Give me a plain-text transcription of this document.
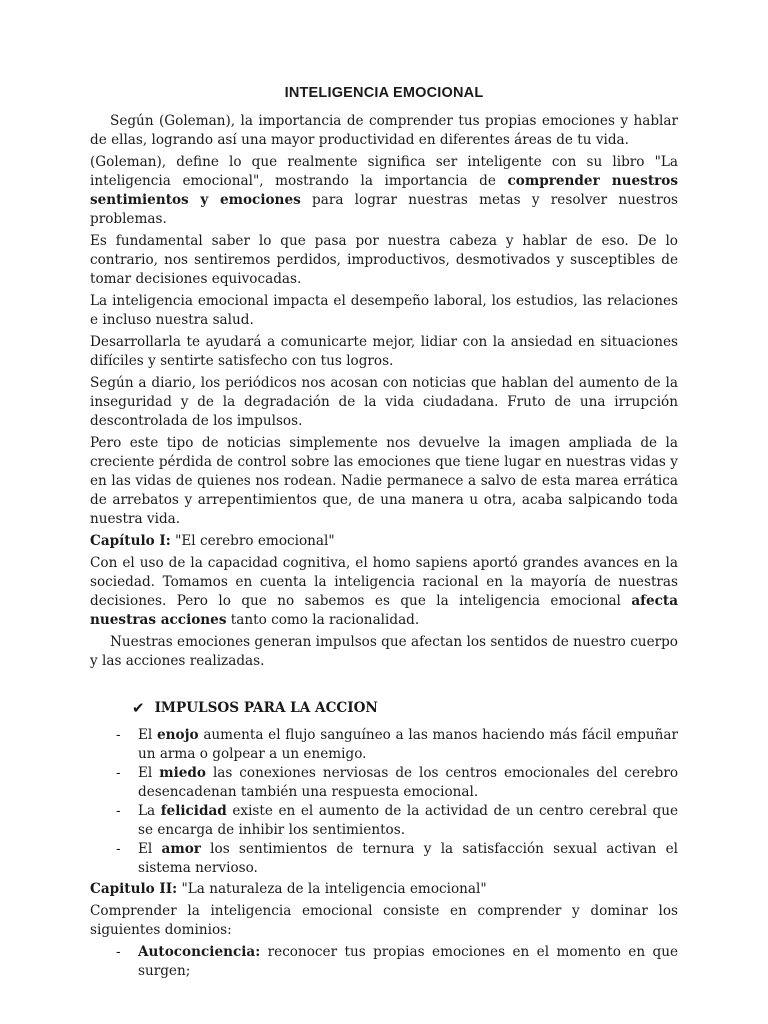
INTELIGENCIA EMOCIONAL

Según (Goleman), la importancia de comprender tus propias emociones y hablar de ellas, logrando así una mayor productividad en diferentes áreas de tu vida.

(Goleman), define lo que realmente significa ser inteligente con su libro "La inteligencia emocional", mostrando la importancia de comprender nuestros sentimientos y emociones para lograr nuestras metas y resolver nuestros problemas.

Es fundamental saber lo que pasa por nuestra cabeza y hablar de eso. De lo contrario, nos sentiremos perdidos, improductivos, desmotivados y susceptibles de tomar decisiones equivocadas.

La inteligencia emocional impacta el desempeño laboral, los estudios, las relaciones e incluso nuestra salud.

Desarrollarla te ayudará a comunicarte mejor, lidiar con la ansiedad en situaciones difíciles y sentirte satisfecho con tus logros.

Según a diario, los periódicos nos acosan con noticias que hablan del aumento de la inseguridad y de la degradación de la vida ciudadana. Fruto de una irrupción descontrolada de los impulsos.

Pero este tipo de noticias simplemente nos devuelve la imagen ampliada de la creciente pérdida de control sobre las emociones que tiene lugar en nuestras vidas y en las vidas de quienes nos rodean. Nadie permanece a salvo de esta marea errática de arrebatos y arrepentimientos que, de una manera u otra, acaba salpicando toda nuestra vida.

Capítulo I: "El cerebro emocional"

Con el uso de la capacidad cognitiva, el homo sapiens aportó grandes avances en la sociedad. Tomamos en cuenta la inteligencia racional en la mayoría de nuestras decisiones. Pero lo que no sabemos es que la inteligencia emocional afecta nuestras acciones tanto como la racionalidad.

Nuestras emociones generan impulsos que afectan los sentidos de nuestro cuerpo y las acciones realizadas.

✔ IMPULSOS PARA LA ACCION
- El enojo aumenta el flujo sanguíneo a las manos haciendo más fácil empuñar un arma o golpear a un enemigo.
- El miedo las conexiones nerviosas de los centros emocionales del cerebro desencadenan también una respuesta emocional.
- La felicidad existe en el aumento de la actividad de un centro cerebral que se encarga de inhibir los sentimientos.
- El amor los sentimientos de ternura y la satisfacción sexual activan el sistema nervioso.

Capitulo II: "La naturaleza de la inteligencia emocional"

Comprender la inteligencia emocional consiste en comprender y dominar los siguientes dominios:

- Autoconciencia: reconocer tus propias emociones en el momento en que surgen;
